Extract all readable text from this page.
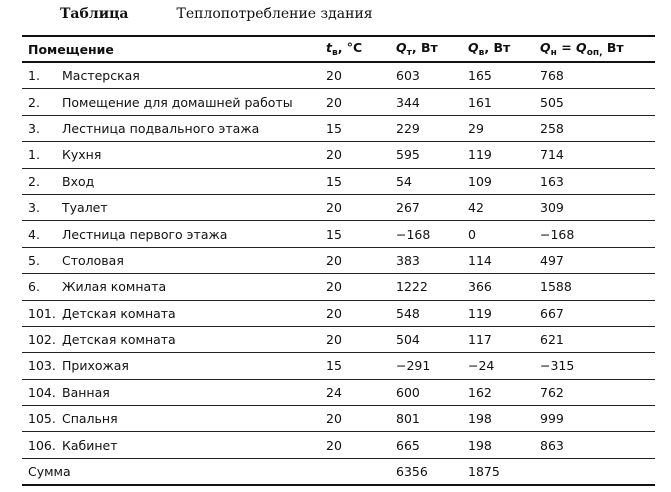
Таблица	Теплопотребление здания
Помещение		$t_в$, °C	$Q_т$, Вт	$Q_в$, Вт	$Q_н = Q_{оп,}$ Вт
1.	Мастерская	20	603	165	768
2.	Помещение для домашней работы	20	344	161	505
3.	Лестница подвального этажа	15	229	29	258
1.	Кухня	20	595	119	714
2.	Вход	15	54	109	163
3.	Туалет	20	267	42	309
4.	Лестница первого этажа	15	−168	0	−168
5.	Столовая	20	383	114	497
6.	Жилая комната	20	1222	366	1588
101.	Детская комната	20	548	119	667
102.	Детская комната	20	504	117	621
103.	Прихожая	15	−291	−24	−315
104.	Ванная	24	600	162	762
105.	Спальня	20	801	198	999
106.	Кабинет	20	665	198	863
Сумма			6356	1875	
